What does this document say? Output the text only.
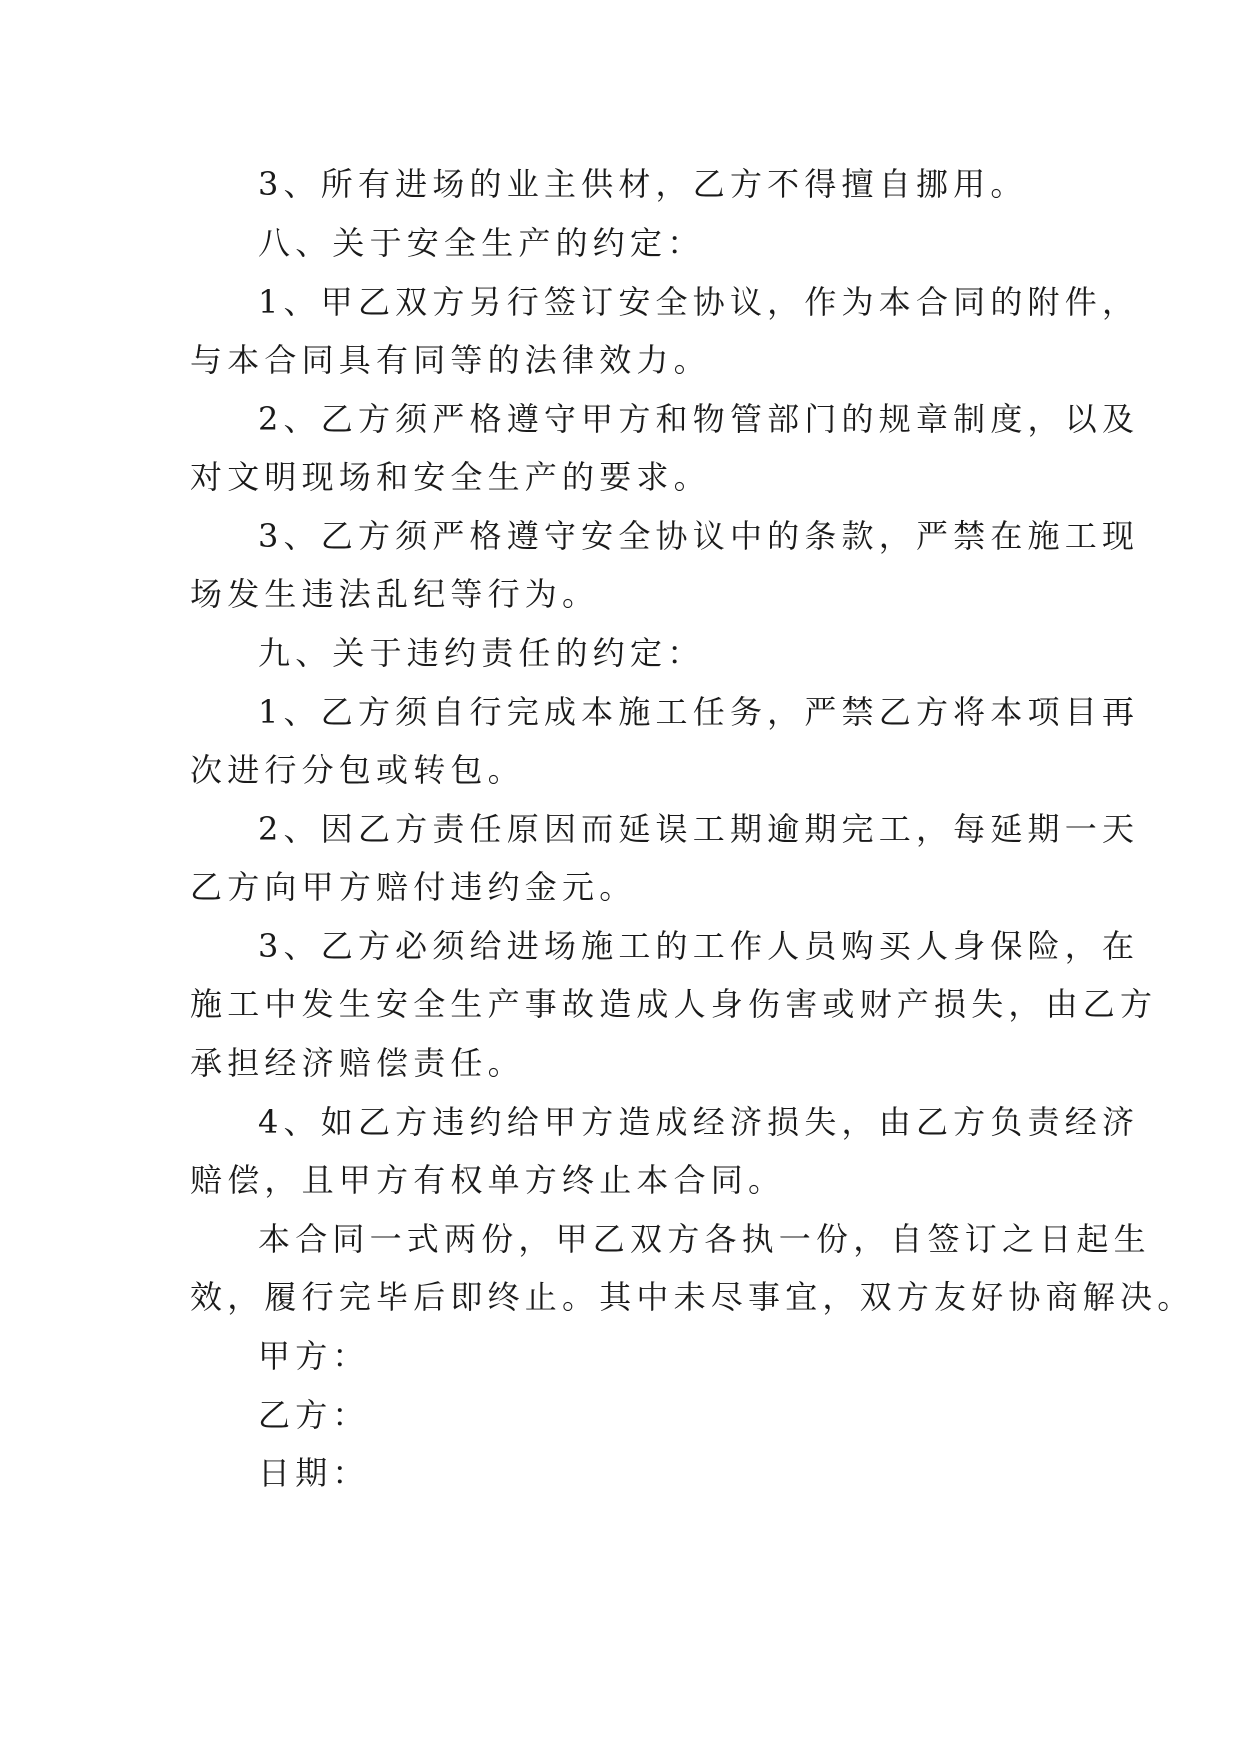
3、所有进场的业主供材，乙方不得擅自挪用。
八、关于安全生产的约定：
1、甲乙双方另行签订安全协议，作为本合同的附件，
与本合同具有同等的法律效力。
2、乙方须严格遵守甲方和物管部门的规章制度，以及
对文明现场和安全生产的要求。
3、乙方须严格遵守安全协议中的条款，严禁在施工现
场发生违法乱纪等行为。
九、关于违约责任的约定：
1、乙方须自行完成本施工任务，严禁乙方将本项目再
次进行分包或转包。
2、因乙方责任原因而延误工期逾期完工，每延期一天
乙方向甲方赔付违约金元。
3、乙方必须给进场施工的工作人员购买人身保险，在
施工中发生安全生产事故造成人身伤害或财产损失，由乙方
承担经济赔偿责任。
4、如乙方违约给甲方造成经济损失，由乙方负责经济
赔偿，且甲方有权单方终止本合同。
本合同一式两份，甲乙双方各执一份，自签订之日起生
效，履行完毕后即终止。其中未尽事宜，双方友好协商解决。
甲方：
乙方：
日期：
